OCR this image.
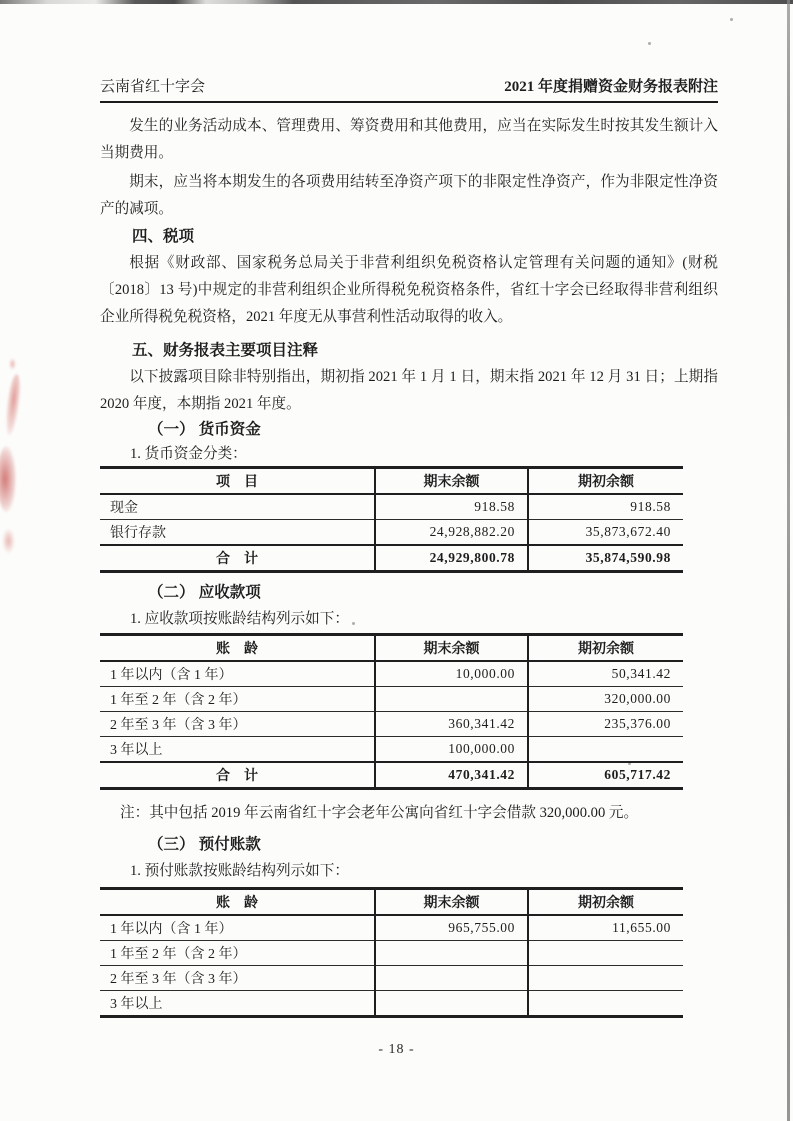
云南省红十字会	2021 年度捐赠资金财务报表附注

发生的业务活动成本、管理费用、筹资费用和其他费用，应当在实际发生时按其发生额计入当期费用。

期末，应当将本期发生的各项费用结转至净资产项下的非限定性净资产，作为非限定性净资产的减项。

四、税项

根据《财政部、国家税务总局关于非营利组织免税资格认定管理有关问题的通知》(财税〔2018〕13 号)中规定的非营利组织企业所得税免税资格条件，省红十字会已经取得非营利组织企业所得税免税资格，2021 年度无从事营利性活动取得的收入。

五、财务报表主要项目注释

以下披露项目除非特别指出，期初指 2021 年 1 月 1 日，期末指 2021 年 12 月 31 日；上期指 2020 年度，本期指 2021 年度。

（一） 货币资金

1. 货币资金分类：

项　目	期末余额	期初余额
现金	918.58	918.58
银行存款	24,928,882.20	35,873,672.40
合　计	24,929,800.78	35,874,590.98
（二） 应收款项

1. 应收款项按账龄结构列示如下：

账　龄	期末余额	期初余额
1 年以内（含 1 年）	10,000.00	50,341.42
1 年至 2 年（含 2 年）		320,000.00
2 年至 3 年（含 3 年）	360,341.42	235,376.00
3 年以上	100,000.00	
合　计	470,341.42	605,717.42

注：其中包括 2019 年云南省红十字会老年公寓向省红十字会借款 320,000.00 元。

（三） 预付账款

1. 预付账款按账龄结构列示如下：

账　龄	期末余额	期初余额
1 年以内（含 1 年）	965,755.00	11,655.00
1 年至 2 年（含 2 年）		
2 年至 3 年（含 3 年）		
3 年以上		
- 18 -
